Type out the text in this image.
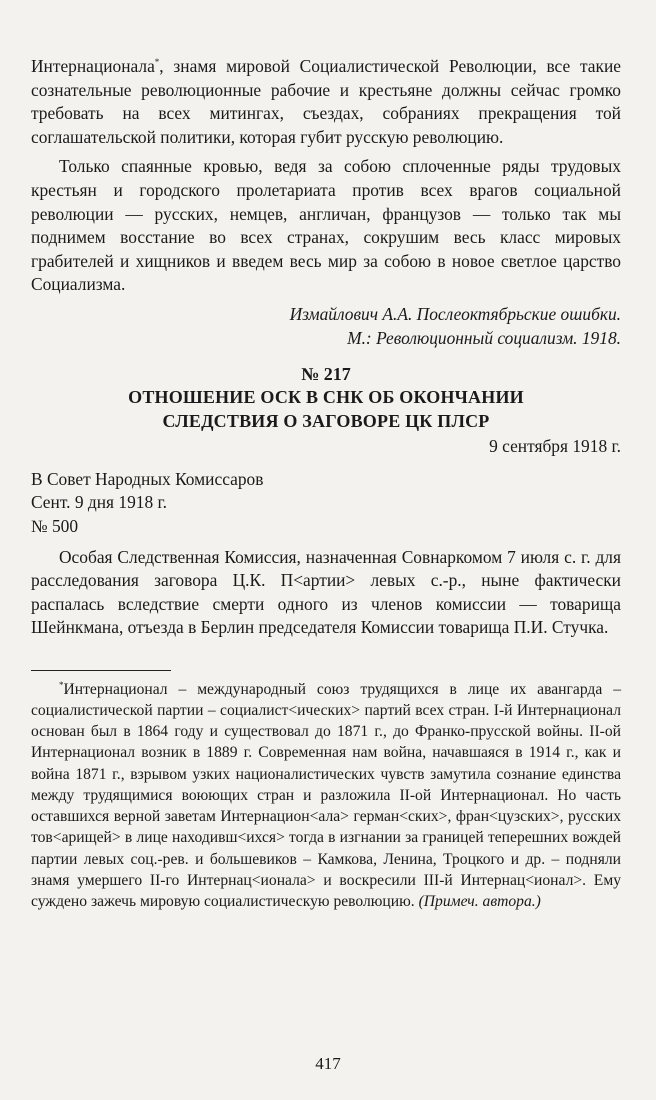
Интернационала*, знамя мировой Социалистической Революции, все такие сознательные революционные рабочие и крестьяне должны сейчас громко требовать на всех митингах, съездах, собраниях прекращения той соглашательской политики, которая губит русскую революцию.

Только спаянные кровью, ведя за собою сплоченные ряды трудовых крестьян и городского пролетариата против всех врагов социальной революции — русских, немцев, англичан, французов — только так мы поднимем восстание во всех странах, сокрушим весь класс мировых грабителей и хищников и введем весь мир за собою в новое светлое царство Социализма.

Измайлович А.А. Послеоктябрьские ошибки.

М.: Революционный социализм. 1918.

№ 217

ОТНОШЕНИЕ ОСК В СНК ОБ ОКОНЧАНИИ

СЛЕДСТВИЯ О ЗАГОВОРЕ ЦК ПЛСР

9 сентября 1918 г.

В Совет Народных Комиссаров

Сент. 9 дня 1918 г.

№ 500

Особая Следственная Комиссия, назначенная Совнаркомом 7 июля с. г. для расследования заговора Ц.К. П<артии> левых с.-р., ныне фактически распалась вследствие смерти одного из членов комиссии — товарища Шейнкмана, отъезда в Берлин председателя Комиссии товарища П.И. Стучка.

*Интернационал – международный союз трудящихся в лице их авангарда – социалистической партии – социалист<ических> партий всех стран. I-й Интернационал основан был в 1864 году и существовал до 1871 г., до Франко-прусской войны. II-ой Интернационал возник в 1889 г. Современная нам война, начавшаяся в 1914 г., как и война 1871 г., взрывом узких националистических чувств замутила сознание единства между трудящимися воюющих стран и разложила II-ой Интернационал. Но часть оставшихся верной заветам Интернацион<ала> герман<ских>, фран<цузских>, русских тов<арищей> в лице находивш<ихся> тогда в изгнании за границей теперешних вождей партии левых соц.-рев. и большевиков – Камкова, Ленина, Троцкого и др. – подняли знамя умершего II-го Интернац<ионала> и воскресили III-й Интернац<ионал>. Ему суждено зажечь мировую социалистическую революцию. (Примеч. автора.)

417
